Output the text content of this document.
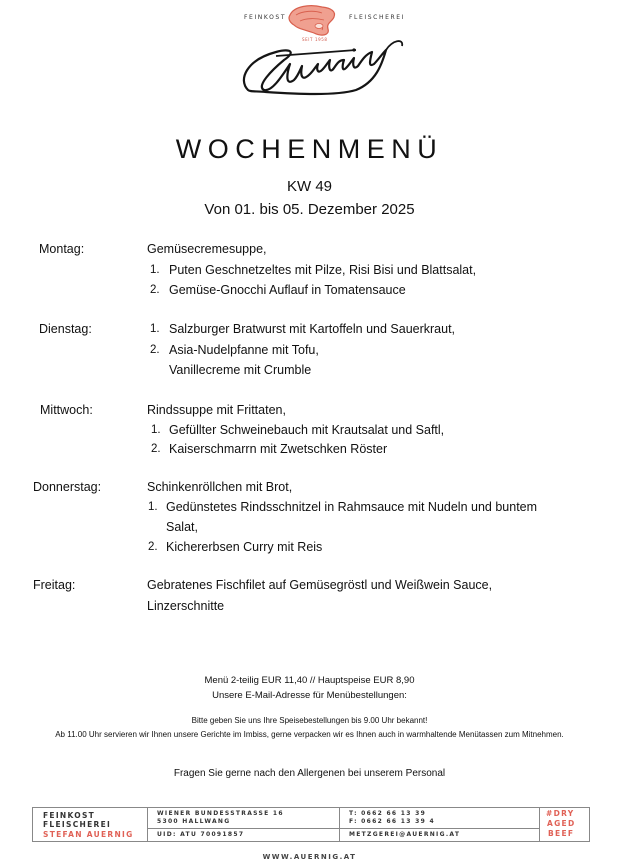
FEINKOST	FLEISCHEREI
SEIT 1958
WOCHENMENÜ
KW 49
Von 01. bis 05. Dezember 2025
Montag:	Gemüsecremesuppe,
1. Puten Geschnetzeltes mit Pilze, Risi Bisi und Blattsalat,
2. Gemüse-Gnocchi Auflauf in Tomatensauce
Dienstag:	1. Salzburger Bratwurst mit Kartoffeln und Sauerkraut,
2. Asia-Nudelpfanne mit Tofu,
Vanillecreme mit Crumble
Mittwoch:	Rindssuppe mit Frittaten,
1. Gefüllter Schweinebauch mit Krautsalat und Saftl,
2. Kaiserschmarrn mit Zwetschken Röster
Donnerstag:	Schinkenröllchen mit Brot,
1. Gedünstetes Rindsschnitzel in Rahmsauce mit Nudeln und buntem
Salat,
2. Kichererbsen Curry mit Reis
Freitag:	Gebratenes Fischfilet auf Gemüsegröstl und Weißwein Sauce,
Linzerschnitte
Menü 2-teilig EUR 11,40 // Hauptspeise EUR 8,90
Unsere E-Mail-Adresse für Menübestellungen:
Bitte geben Sie uns Ihre Speisebestellungen bis 9.00 Uhr bekannt!
Ab 11.00 Uhr servieren wir Ihnen unsere Gerichte im Imbiss, gerne verpacken wir es Ihnen auch in warmhaltende Menütassen zum Mitnehmen.
Fragen Sie gerne nach den Allergenen bei unserem Personal
FEINKOST
FLEISCHEREI
STEFAN AUERNIG
WIENER BUNDESSTRASSE 16
5300 HALLWANG
UID: ATU 70091857
T: 0662 66 13 39
F: 0662 66 13 39 4
METZGEREI@AUERNIG.AT
#DRY
AGED
BEEF
WWW.AUERNIG.AT
